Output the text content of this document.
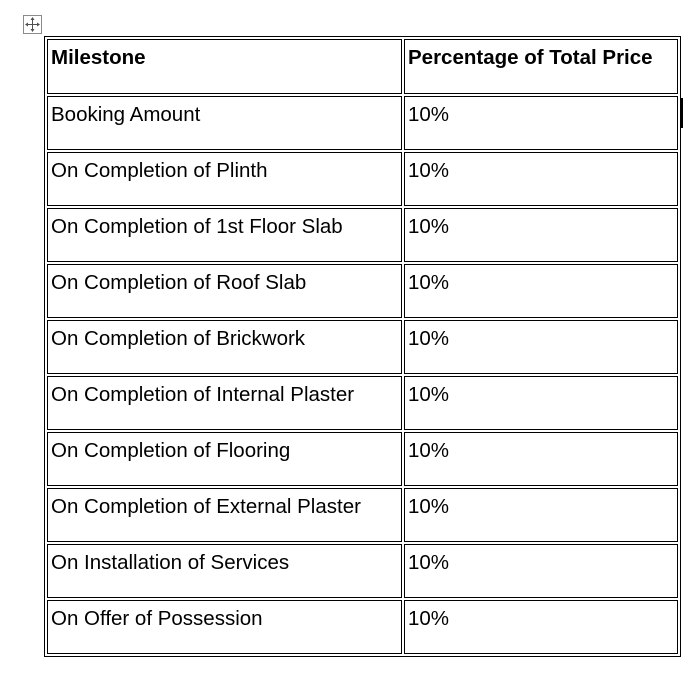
Milestone	Percentage of Total Price

Booking Amount	10%

On Completion of Plinth	10%

On Completion of 1st Floor Slab	10%

On Completion of Roof Slab	10%

On Completion of Brickwork	10%

On Completion of Internal Plaster	10%

On Completion of Flooring	10%

On Completion of External Plaster	10%

On Installation of Services	10%

On Offer of Possession	10%
